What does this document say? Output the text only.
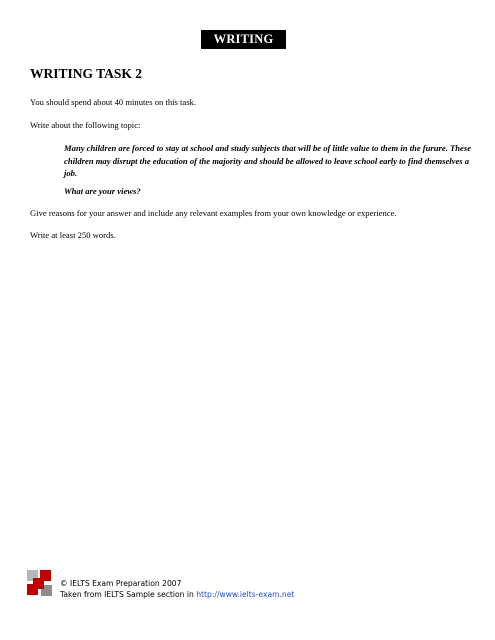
WRITING
WRITING TASK 2

You should spend about 40 minutes on this task.

Write about the following topic:

Many children are forced to stay at school and study subjects that will be of little value to them in the furure. These children may disrupt the education of the majority and should be allowed to leave school early to find themselves a job.

What are your views?

Give reasons for your answer and include any relevant examples from your own knowledge or experience.

Write at least 250 words.

© IELTS Exam Preparation 2007
Taken from IELTS Sample section in http://www.ielts-exam.net
